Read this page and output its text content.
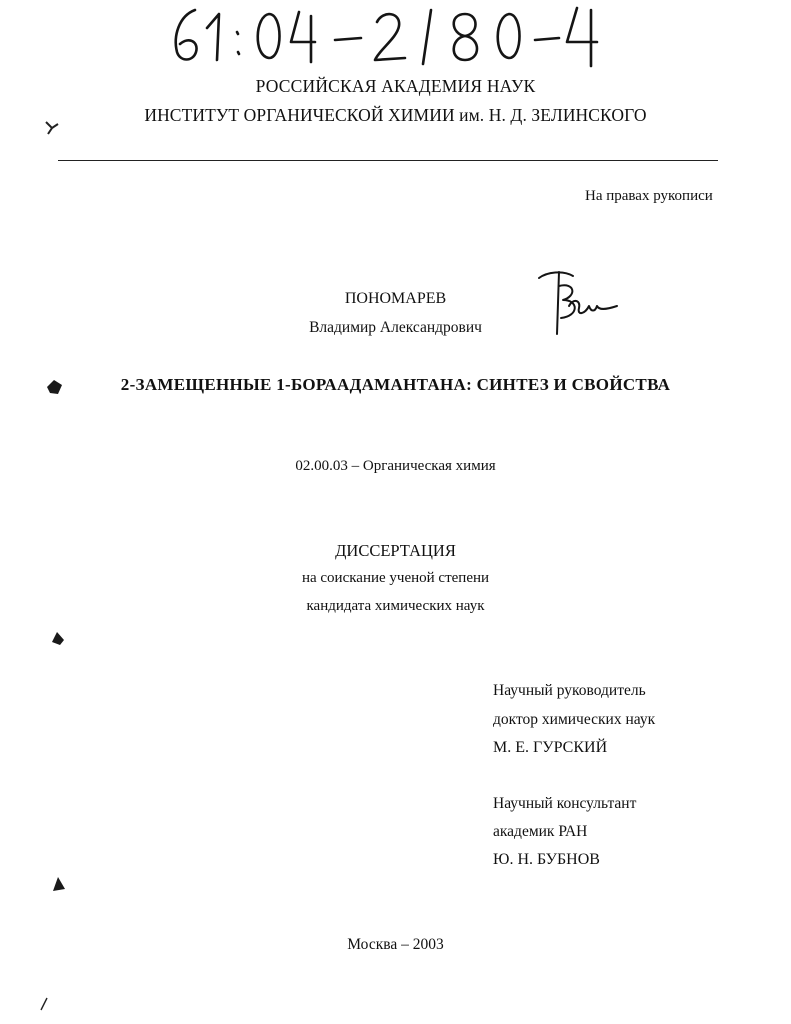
РОССИЙСКАЯ АКАДЕМИЯ НАУК
ИНСТИТУТ ОРГАНИЧЕСКОЙ ХИМИИ им. Н. Д. ЗЕЛИНСКОГО
На правах рукописи
ПОНОМАРЕВ
Владимир Александрович
2-ЗАМЕЩЕННЫЕ 1-БОРААДАМАНТАНА: СИНТЕЗ И СВОЙСТВА
02.00.03 – Органическая химия
ДИССЕРТАЦИЯ
на соискание ученой степени
кандидата химических наук
Научный руководитель
доктор химических наук
М. Е. ГУРСКИЙ
Научный консультант
академик РАН
Ю. Н. БУБНОВ
Москва – 2003
